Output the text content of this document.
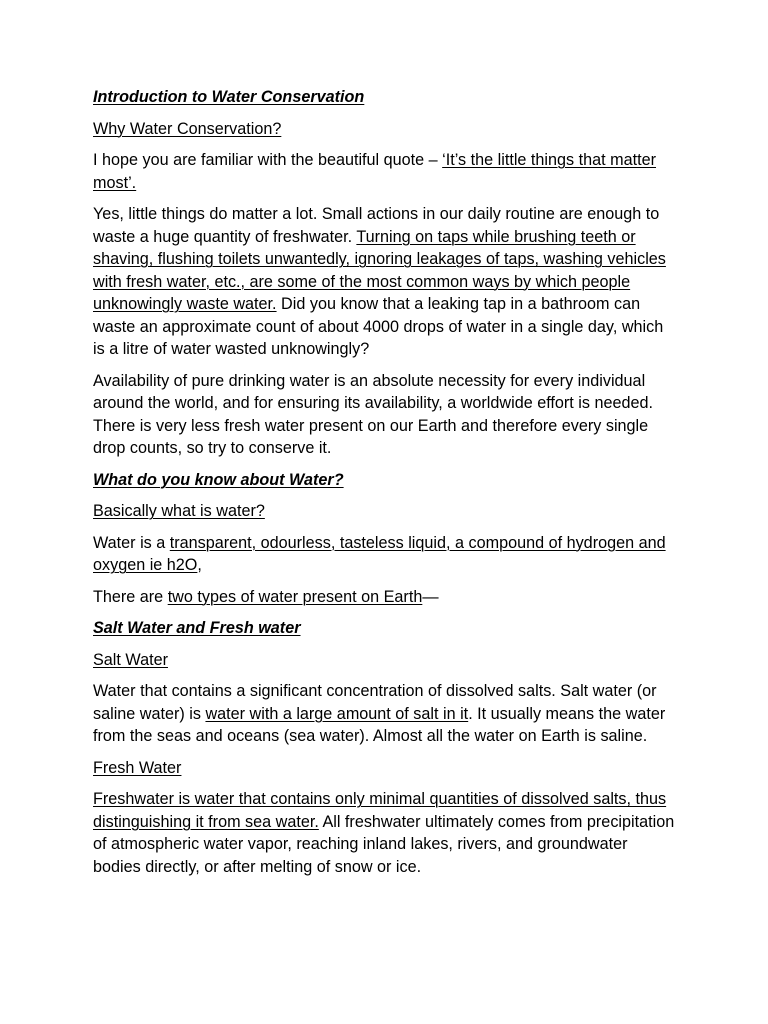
Introduction to Water Conservation

Why Water Conservation?

I hope you are familiar with the beautiful quote – ‘It’s the little things that matter most’.

Yes, little things do matter a lot. Small actions in our daily routine are enough to waste a huge quantity of freshwater. Turning on taps while brushing teeth or shaving, flushing toilets unwantedly, ignoring leakages of taps, washing vehicles with fresh water, etc., are some of the most common ways by which people unknowingly waste water. Did you know that a leaking tap in a bathroom can waste an approximate count of about 4000 drops of water in a single day, which is a litre of water wasted unknowingly?

Availability of pure drinking water is an absolute necessity for every individual around the world, and for ensuring its availability, a worldwide effort is needed. There is very less fresh water present on our Earth and therefore every single drop counts, so try to conserve it.

What do you know about Water?

Basically what is water?

Water is a transparent, odourless, tasteless liquid, a compound of hydrogen and oxygen ie h2O,

There are two types of water present on Earth—

Salt Water and Fresh water

Salt Water

Water that contains a significant concentration of dissolved salts. Salt water (or saline water) is water with a large amount of salt in it. It usually means the water from the seas and oceans (sea water). Almost all the water on Earth is saline.

Fresh Water

Freshwater is water that contains only minimal quantities of dissolved salts, thus distinguishing it from sea water. All freshwater ultimately comes from precipitation of atmospheric water vapor, reaching inland lakes, rivers, and groundwater bodies directly, or after melting of snow or ice.
